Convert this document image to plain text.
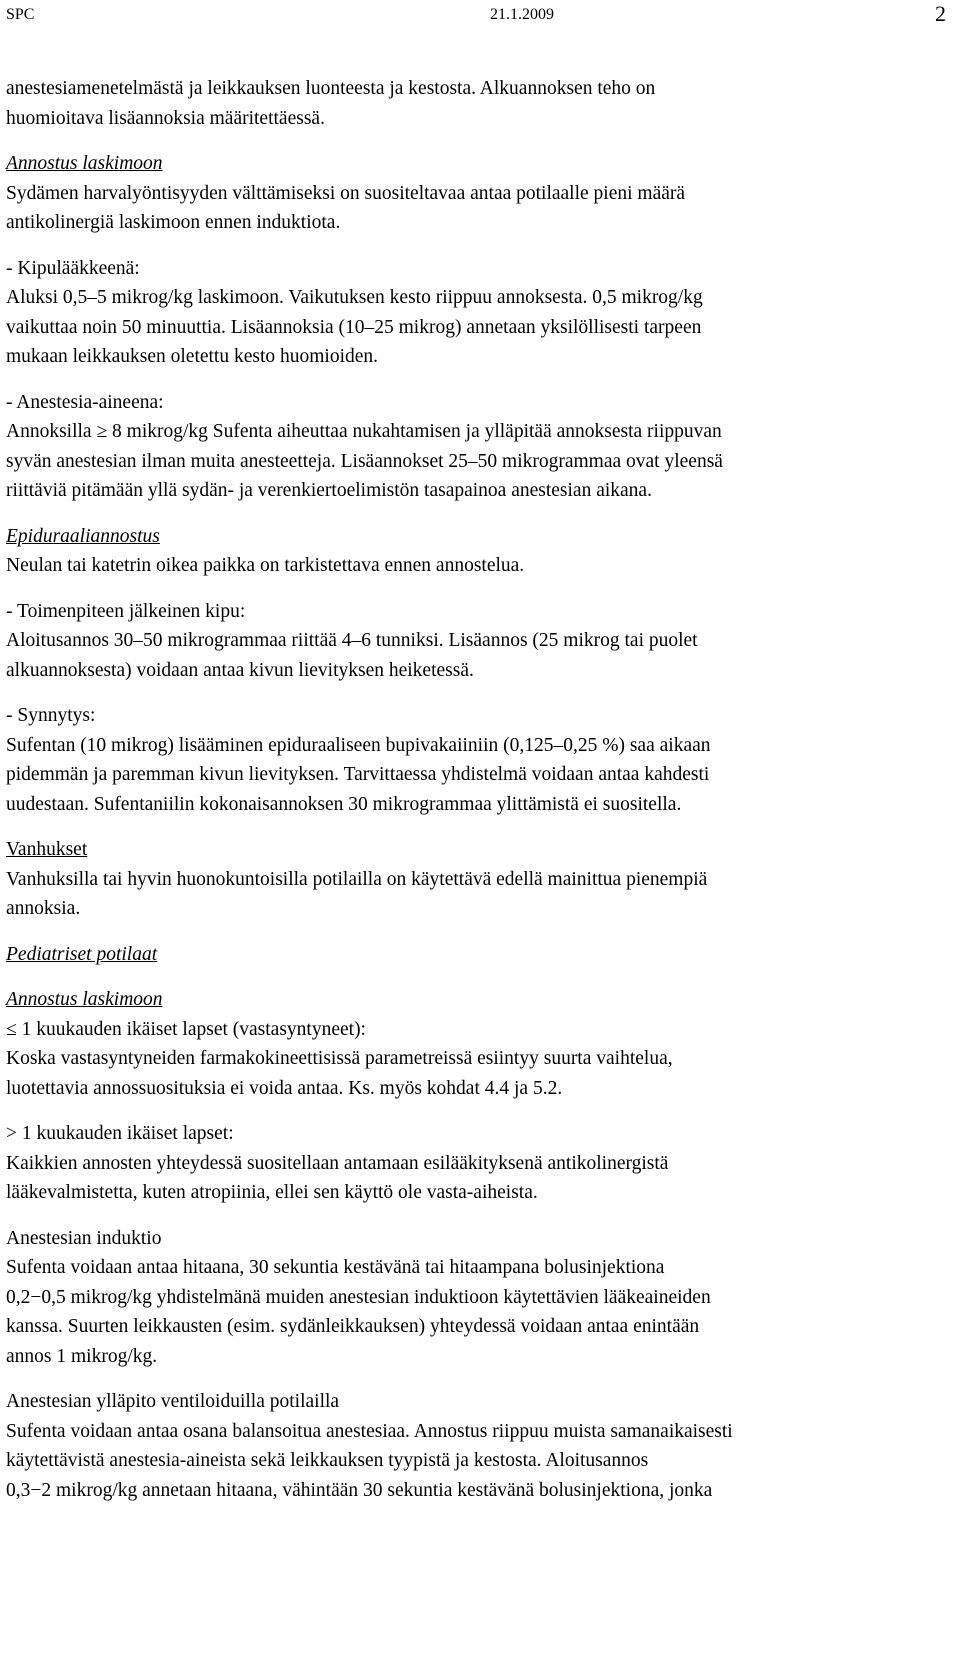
SPC	21.1.2009	2

anestesiamenetelmästä ja leikkauksen luonteesta ja kestosta. Alkuannoksen teho on
huomioitava lisäannoksia määritettäessä.

Annostus laskimoon
Sydämen harvalyöntisyyden välttämiseksi on suositeltavaa antaa potilaalle pieni määrä
antikolinergiä laskimoon ennen induktiota.

- Kipulääkkeenä:
Aluksi 0,5–5 mikrog/kg laskimoon. Vaikutuksen kesto riippuu annoksesta. 0,5 mikrog/kg
vaikuttaa noin 50 minuuttia. Lisäannoksia (10–25 mikrog) annetaan yksilöllisesti tarpeen
mukaan leikkauksen oletettu kesto huomioiden.

- Anestesia-aineena:
Annoksilla ≥ 8 mikrog/kg Sufenta aiheuttaa nukahtamisen ja ylläpitää annoksesta riippuvan
syvän anestesian ilman muita anesteetteja. Lisäannokset 25–50 mikrogrammaa ovat yleensä
riittäviä pitämään yllä sydän- ja verenkiertoelimistön tasapainoa anestesian aikana.

Epiduraaliannostus
Neulan tai katetrin oikea paikka on tarkistettava ennen annostelua.

- Toimenpiteen jälkeinen kipu:
Aloitusannos 30–50 mikrogrammaa riittää 4–6 tunniksi. Lisäannos (25 mikrog tai puolet
alkuannoksesta) voidaan antaa kivun lievityksen heiketessä.

- Synnytys:
Sufentan (10 mikrog) lisääminen epiduraaliseen bupivakaiiniin (0,125–0,25 %) saa aikaan
pidemmän ja paremman kivun lievityksen. Tarvittaessa yhdistelmä voidaan antaa kahdesti
uudestaan. Sufentaniilin kokonaisannoksen 30 mikrogrammaa ylittämistä ei suositella.

Vanhukset
Vanhuksilla tai hyvin huonokuntoisilla potilailla on käytettävä edellä mainittua pienempiä
annoksia.

Pediatriset potilaat

Annostus laskimoon
≤ 1 kuukauden ikäiset lapset (vastasyntyneet):
Koska vastasyntyneiden farmakokineettisissä parametreissä esiintyy suurta vaihtelua,
luotettavia annossuosituksia ei voida antaa. Ks. myös kohdat 4.4 ja 5.2.

> 1 kuukauden ikäiset lapset:
Kaikkien annosten yhteydessä suositellaan antamaan esilääkityksenä antikolinergistä
lääkevalmistetta, kuten atropiinia, ellei sen käyttö ole vasta-aiheista.

Anestesian induktio
Sufenta voidaan antaa hitaana, 30 sekuntia kestävänä tai hitaampana bolusinjektiona
0,2−0,5 mikrog/kg yhdistelmänä muiden anestesian induktioon käytettävien lääkeaineiden
kanssa. Suurten leikkausten (esim. sydänleikkauksen) yhteydessä voidaan antaa enintään
annos 1 mikrog/kg.

Anestesian ylläpito ventiloiduilla potilailla
Sufenta voidaan antaa osana balansoitua anestesiaa. Annostus riippuu muista samanaikaisesti
käytettävistä anestesia-aineista sekä leikkauksen tyypistä ja kestosta. Aloitusannos
0,3−2 mikrog/kg annetaan hitaana, vähintään 30 sekuntia kestävänä bolusinjektiona, jonka
